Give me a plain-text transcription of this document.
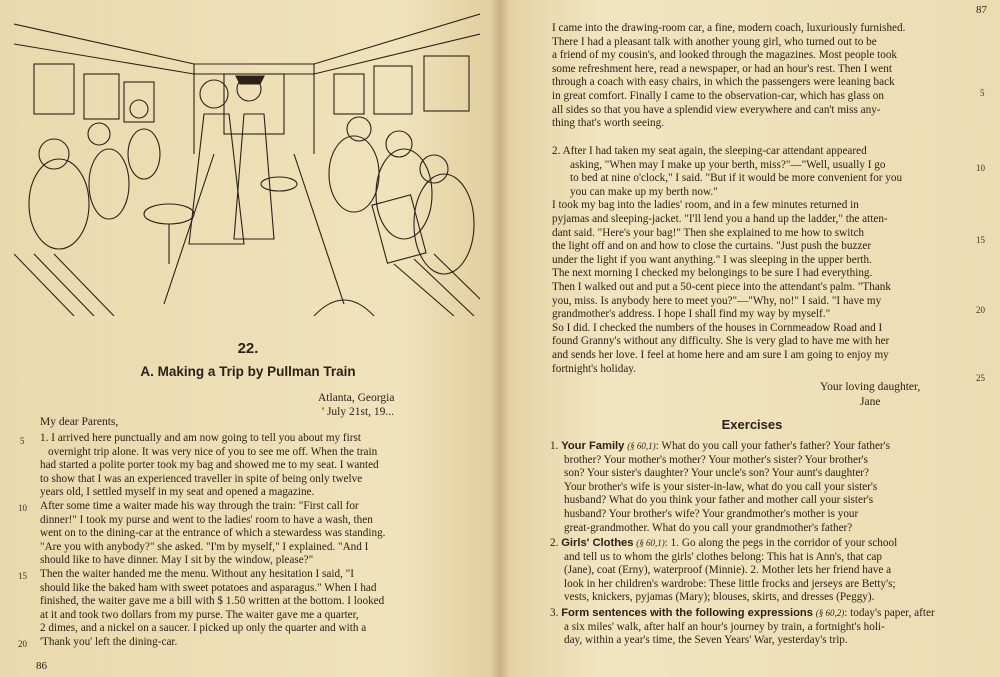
22.
A. Making a Trip by Pullman Train
Atlanta, Georgia
' July 21st, 19...
My dear Parents,

1. I arrived here punctually and am now going to tell you about my first

overnight trip alone. It was very nice of you to see me off. When the train

had started a polite porter took my bag and showed me to my seat. I wanted

to show that I was an experienced traveller in spite of being only twelve

years old, I settled myself in my seat and opened a magazine.

After some time a waiter made his way through the train: "First call for

dinner!" I took my purse and went to the ladies' room to have a wash, then

went on to the dining-car at the entrance of which a stewardess was standing.

"Are you with anybody?" she asked. "I'm by myself," I explained. "And I

should like to have dinner. May I sit by the window, please?"

Then the waiter handed me the menu. Without any hesitation I said, "I

should like the baked ham with sweet potatoes and asparagus." When I had

finished, the waiter gave me a bill with $ 1.50 written at the bottom. I looked

at it and took two dollars from my purse. The waiter gave me a quarter,

2 dimes, and a nickel on a saucer. I picked up only the quarter and with a

'Thank you' left the dining-car.

5
10
15
20
86
87

I came into the drawing-room car, a fine, modern coach, luxuriously furnished.

There I had a pleasant talk with another young girl, who turned out to be

a friend of my cousin's, and looked through the magazines. Most people took

some refreshment here, read a newspaper, or had an hour's rest. Then I went

through a coach with easy chairs, in which the passengers were leaning back

in great comfort. Finally I came to the observation-car, which has glass on

all sides so that you have a splendid view everywhere and can't miss any-

thing that's worth seeing.

2. After I had taken my seat again, the sleeping-car attendant appeared

asking, "When may I make up your berth, miss?"—"Well, usually I go

to bed at nine o'clock," I said. "But if it would be more convenient for you

you can make up my berth now."

I took my bag into the ladies' room, and in a few minutes returned in

pyjamas and sleeping-jacket. "I'll lend you a hand up the ladder," the atten-

dant said. "Here's your bag!" Then she explained to me how to switch

the light off and on and how to close the curtains. "Just push the buzzer

under the light if you want anything." I was sleeping in the upper berth.

The next morning I checked my belongings to be sure I had everything.

Then I walked out and put a 50-cent piece into the attendant's palm. "Thank

you, miss. Is anybody here to meet you?"—"Why, no!" I said. "I have my

grandmother's address. I hope I shall find my way by myself."

So I did. I checked the numbers of the houses in Cornmeadow Road and I

found Granny's without any difficulty. She is very glad to have me with her

and sends her love. I feel at home here and am sure I am going to enjoy my

fortnight's holiday.

5
10
15
20
25
Your loving daughter,
Jane
Exercises

1. Your Family (§ 60,1): What do you call your father's father? Your father's

brother? Your mother's mother? Your mother's sister? Your brother's

son? Your sister's daughter? Your uncle's son? Your aunt's daughter?

Your brother's wife is your sister-in-law, what do you call your sister's

husband? What do you think your father and mother call your sister's

husband? Your brother's wife? Your grandmother's mother is your

great-grandmother. What do you call your grandmother's father?

2. Girls' Clothes (§ 60,1): 1. Go along the pegs in the corridor of your school

and tell us to whom the girls' clothes belong: This hat is Ann's, that cap

(Jane), coat (Erny), waterproof (Minnie). 2. Mother lets her friend have a

look in her children's wardrobe: These little frocks and jerseys are Betty's;

vests, knickers, pyjamas (Mary); blouses, skirts, and dresses (Peggy).

3. Form sentences with the following expressions (§ 60,2): today's paper, after

a six miles' walk, after half an hour's journey by train, a fortnight's holi-

day, within a year's time, the Seven Years' War, yesterday's trip.
